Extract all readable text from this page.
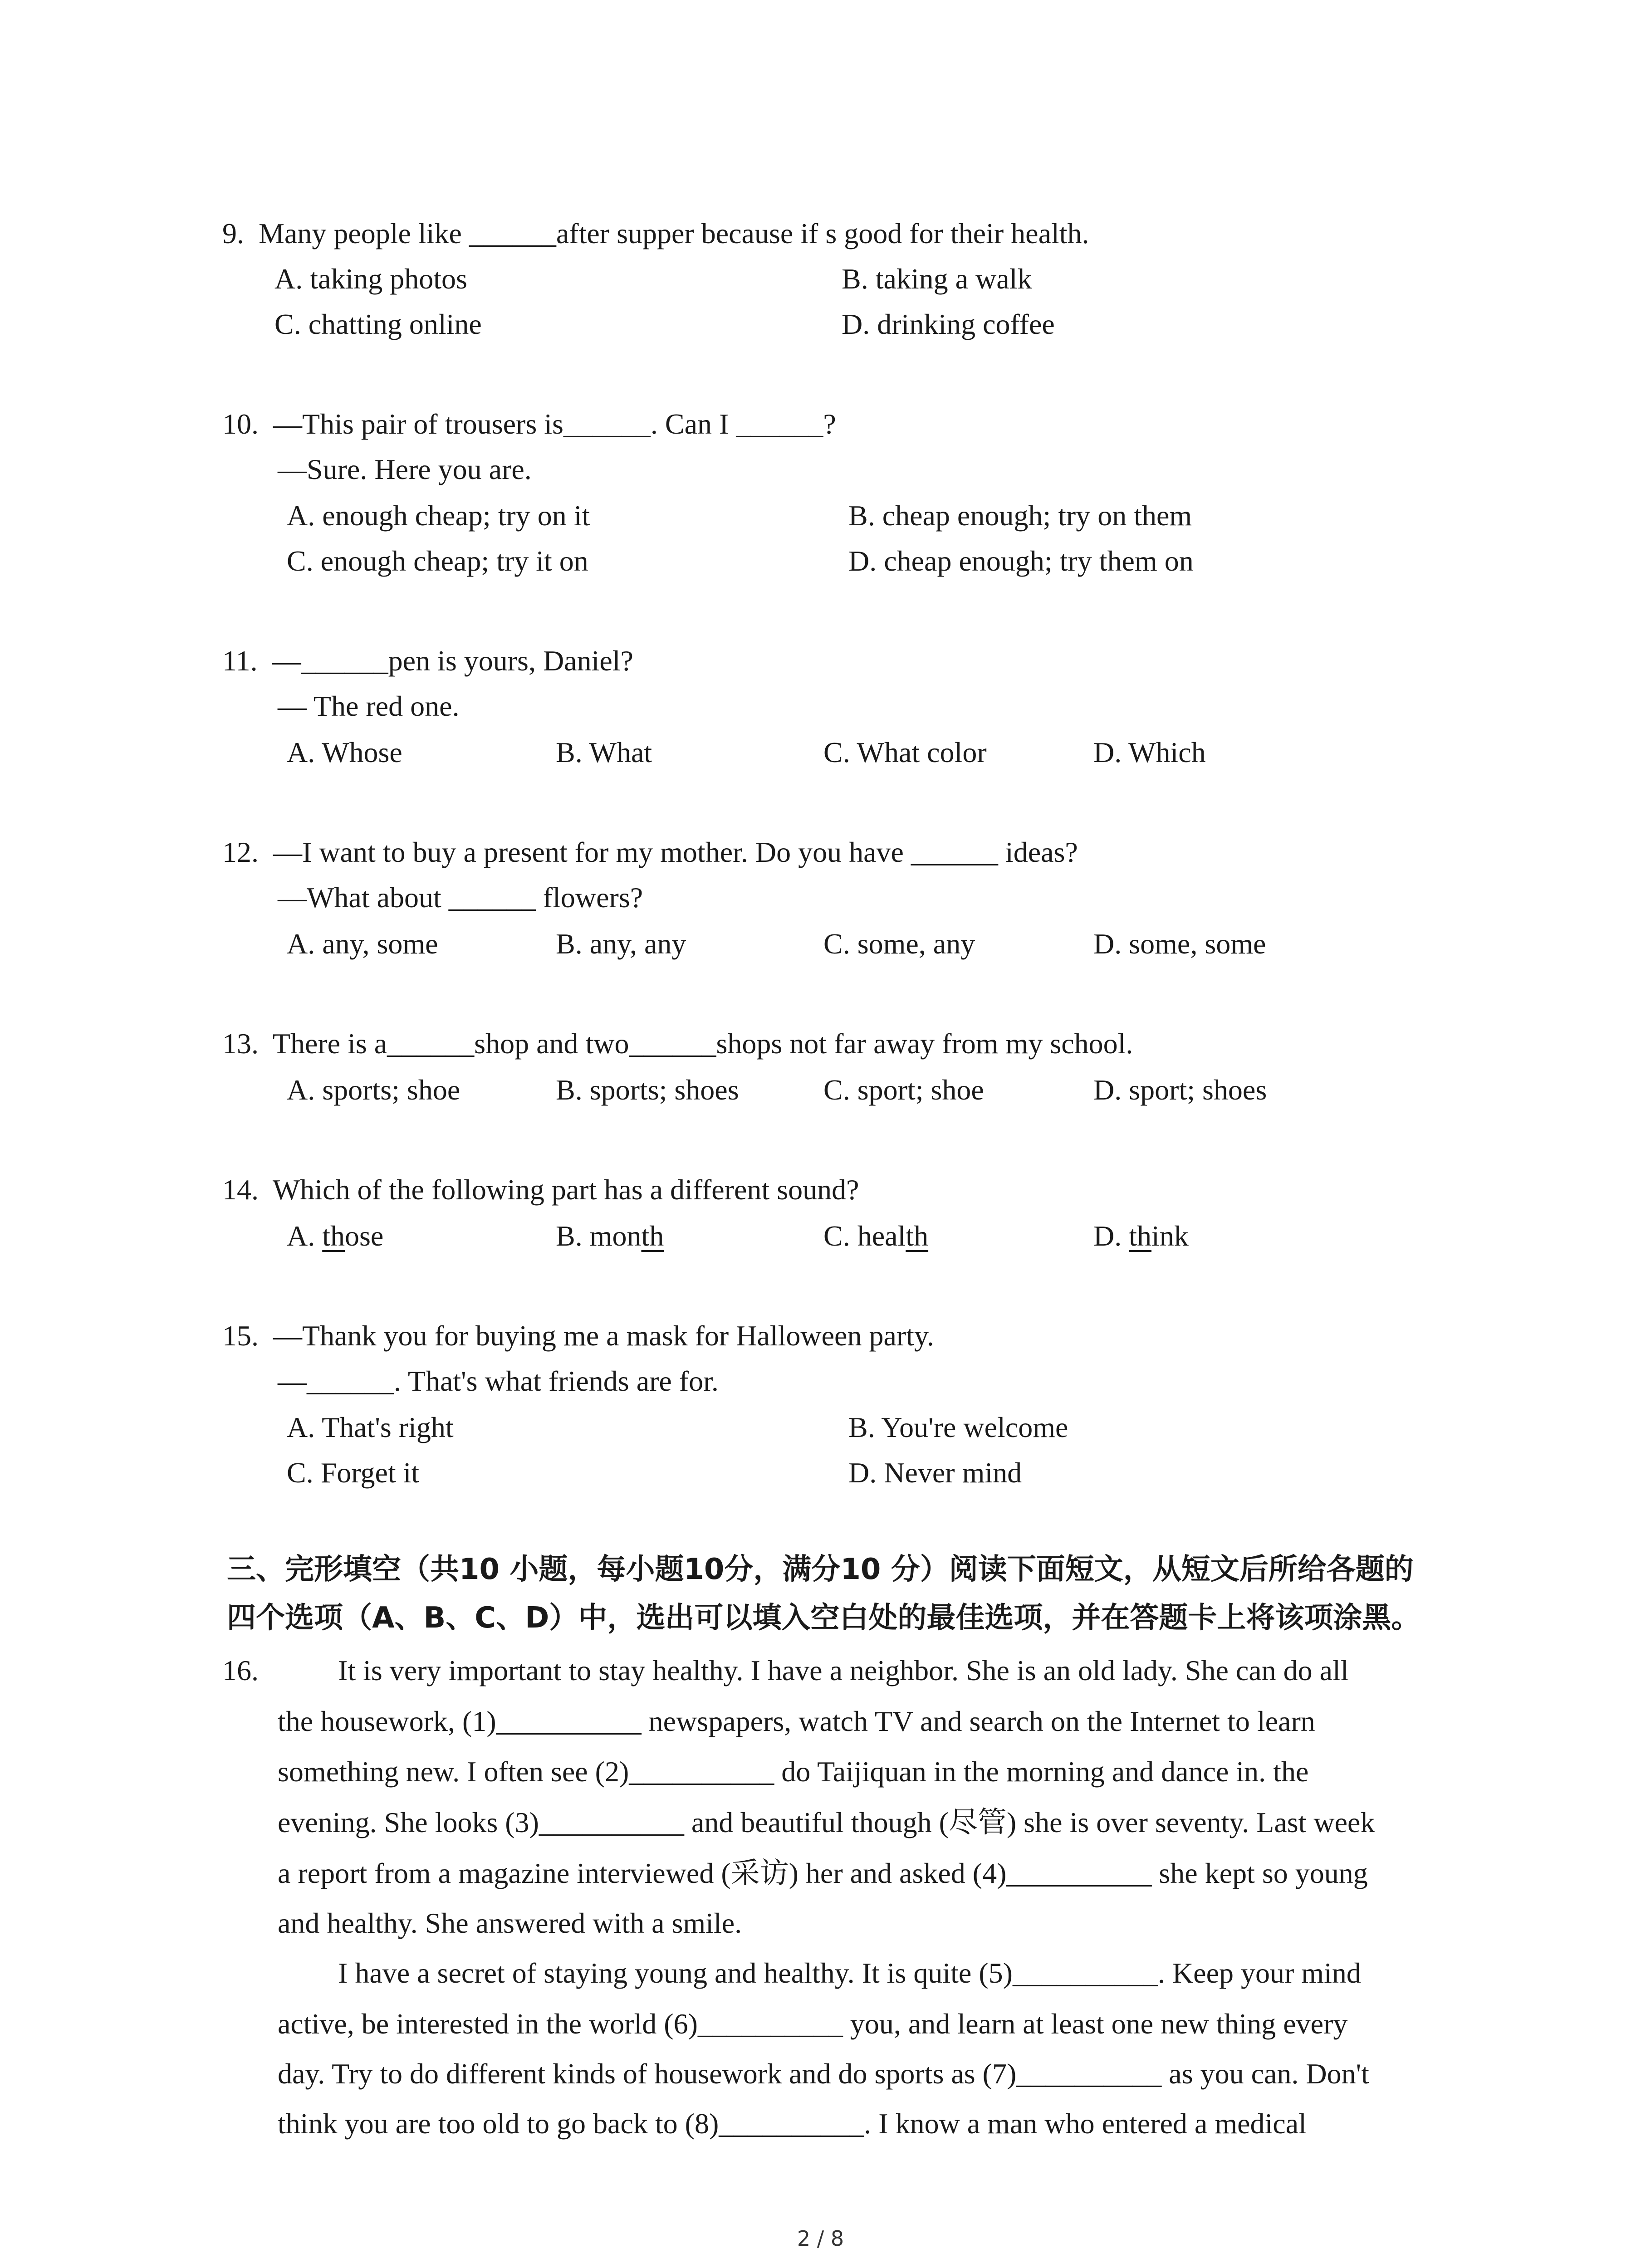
9.  Many people like ______after supper because if s good for their health.
A. taking photos	B. taking a walk
C. chatting online	D. drinking coffee
10.  —This pair of trousers is______. Can I ______?
—Sure. Here you are.
A. enough cheap; try on it	B. cheap enough; try on them
C. enough cheap; try it on	D. cheap enough; try them on
11.  —______pen is yours, Daniel?
— The red one.
A. Whose	B. What	C. What color	D. Which
12.  —I want to buy a present for my mother. Do you have ______ ideas?
—What about ______ flowers?
A. any, some	B. any, any	C. some, any	D. some, some
13.  There is a______shop and two______shops not far away from my school.
A. sports; shoe	B. sports; shoes	C. sport; shoe	D. sport; shoes
14.  Which of the following part has a different sound?
A. those	B. month	C. health	D. think
15.  —Thank you for buying me a mask for Halloween party.
—______. That's what friends are for.
A. That's right	B. You're welcome
C. Forget it	D. Never mind
三、完形填空（共10 小题，每小题10分，满分10 分）阅读下面短文，从短文后所给各题的
四个选项（A、B、C、D）中，选出可以填入空白处的最佳选项，并在答题卡上将该项涂黑。
16.	It is very important to stay healthy. I have a neighbor. She is an old lady. She can do all
the housework, (1)__________ newspapers, watch TV and search on the Internet to learn
something new. I often see (2)__________ do Taijiquan in the morning and dance in. the
evening. She looks (3)__________ and beautiful though (尽管) she is over seventy. Last week
a report from a magazine interviewed (采访) her and asked (4)__________ she kept so young
and healthy. She answered with a smile.
I have a secret of staying young and healthy. It is quite (5)__________. Keep your mind
active, be interested in the world (6)__________ you, and learn at least one new thing every
day. Try to do different kinds of housework and do sports as (7)__________ as you can. Don't
think you are too old to go back to (8)__________. I know a man who entered a medical
2 / 8
